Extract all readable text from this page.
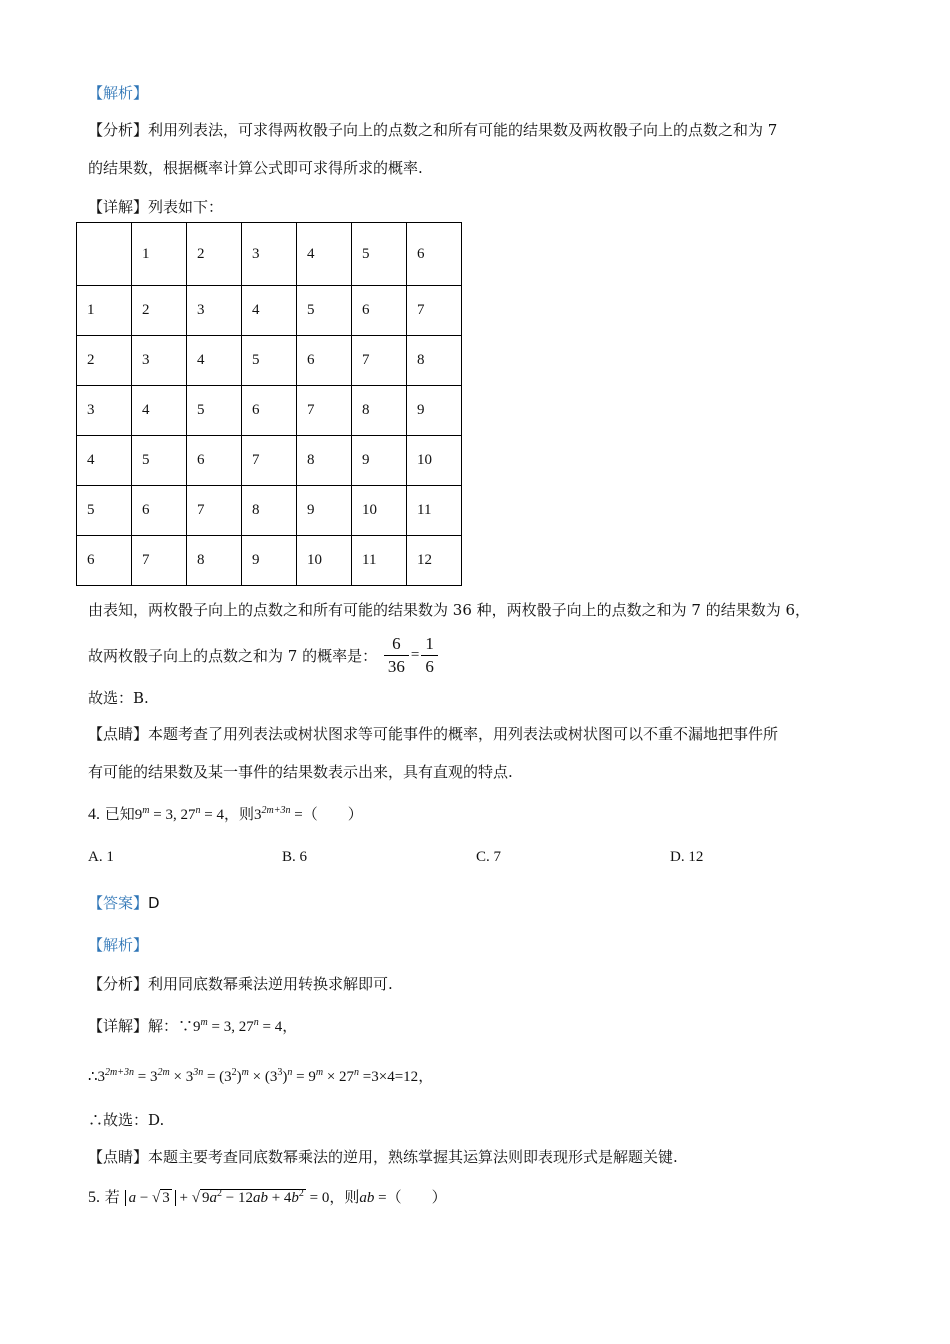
【解析】
【分析】利用列表法，可求得两枚骰子向上的点数之和所有可能的结果数及两枚骰子向上的点数之和为 7
的结果数，根据概率计算公式即可求得所求的概率.
【详解】列表如下：
	1	2	3	4	5	6
1	2	3	4	5	6	7
2	3	4	5	6	7	8
3	4	5	6	7	8	9
4	5	6	7	8	9	10
5	6	7	8	9	10	11
6	7	8	9	10	11	12
由表知，两枚骰子向上的点数之和所有可能的结果数为 36 种，两枚骰子向上的点数之和为 7 的结果数为 6，
故两枚骰子向上的点数之和为 7 的概率是： $\frac{6}{36} = \frac{1}{6}$
故选：B.
【点睛】本题考查了用列表法或树状图求等可能事件的概率，用列表法或树状图可以不重不漏地把事件所
有可能的结果数及某一事件的结果数表示出来，具有直观的特点.
4. 已知$9^m = 3$, $27^n = 4$，则$3^{2m+3n}$ =（　　）
A. 1	B. 6	C. 7	D. 12
【答案】D
【解析】
【分析】利用同底数幂乘法逆用转换求解即可.
【详解】解：$\because 9^m = 3$, $27^n = 4$，
$\therefore 3^{2m+3n} = 3^{2m} \times 3^{3n} = (3^2)^m \times (3^3)^n = 9^m \times 27^n =3\times 4=12$，
∴故选：D.
【点睛】本题主要考查同底数幂乘法的逆用，熟练掌握其运算法则即表现形式是解题关键.
5. 若 a − √ 3 + √ $9a^2 - 12ab + 4b^2 = 0$，则ab =（　　）
